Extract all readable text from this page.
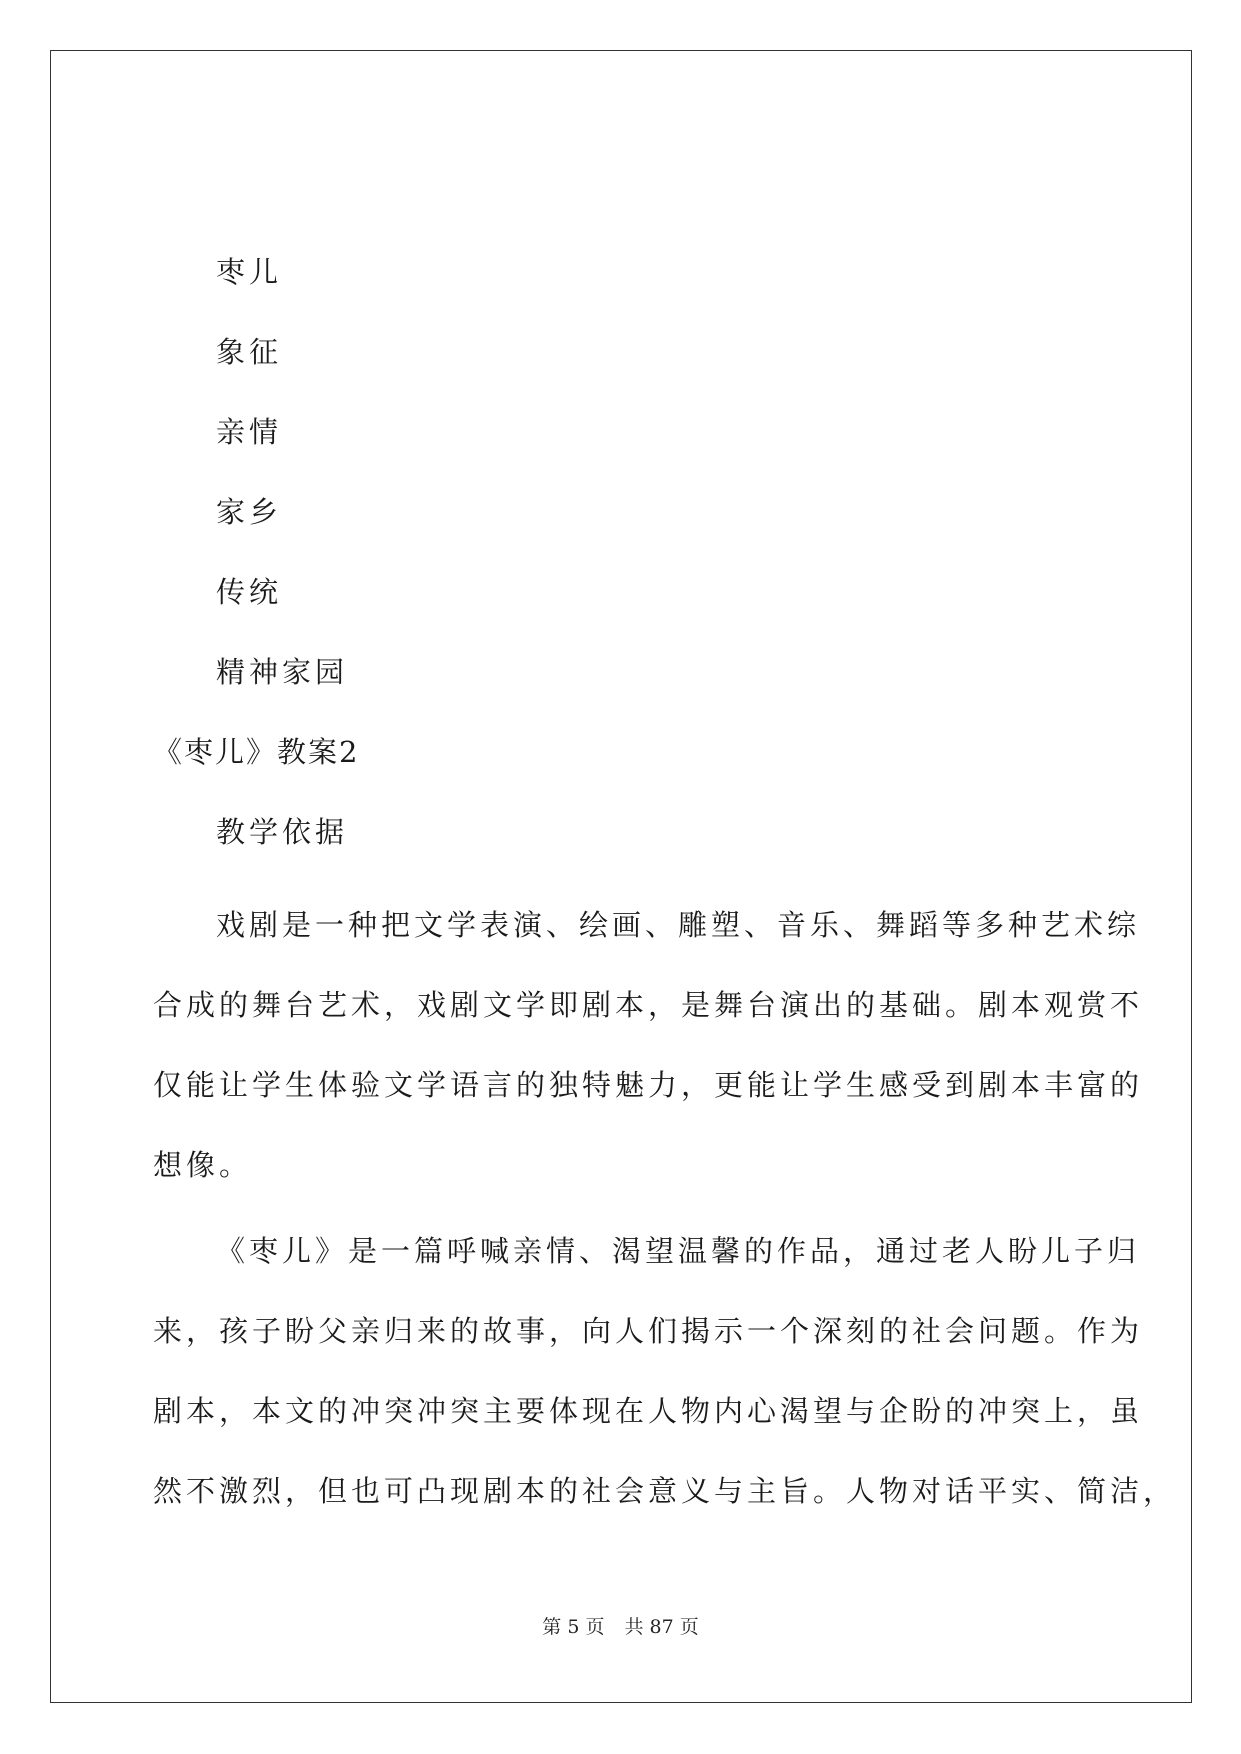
枣儿
象征
亲情
家乡
传统
精神家园
《枣儿》教案2
教学依据
戏剧是一种把文学表演、绘画、雕塑、音乐、舞蹈等多种艺术综
合成的舞台艺术，戏剧文学即剧本，是舞台演出的基础。剧本观赏不
仅能让学生体验文学语言的独特魅力，更能让学生感受到剧本丰富的
想像。
《枣儿》是一篇呼喊亲情、渴望温馨的作品，通过老人盼儿子归
来，孩子盼父亲归来的故事，向人们揭示一个深刻的社会问题。作为
剧本，本文的冲突冲突主要体现在人物内心渴望与企盼的冲突上，虽
然不激烈，但也可凸现剧本的社会意义与主旨。人物对话平实、简洁，
第 5 页 共 87 页
